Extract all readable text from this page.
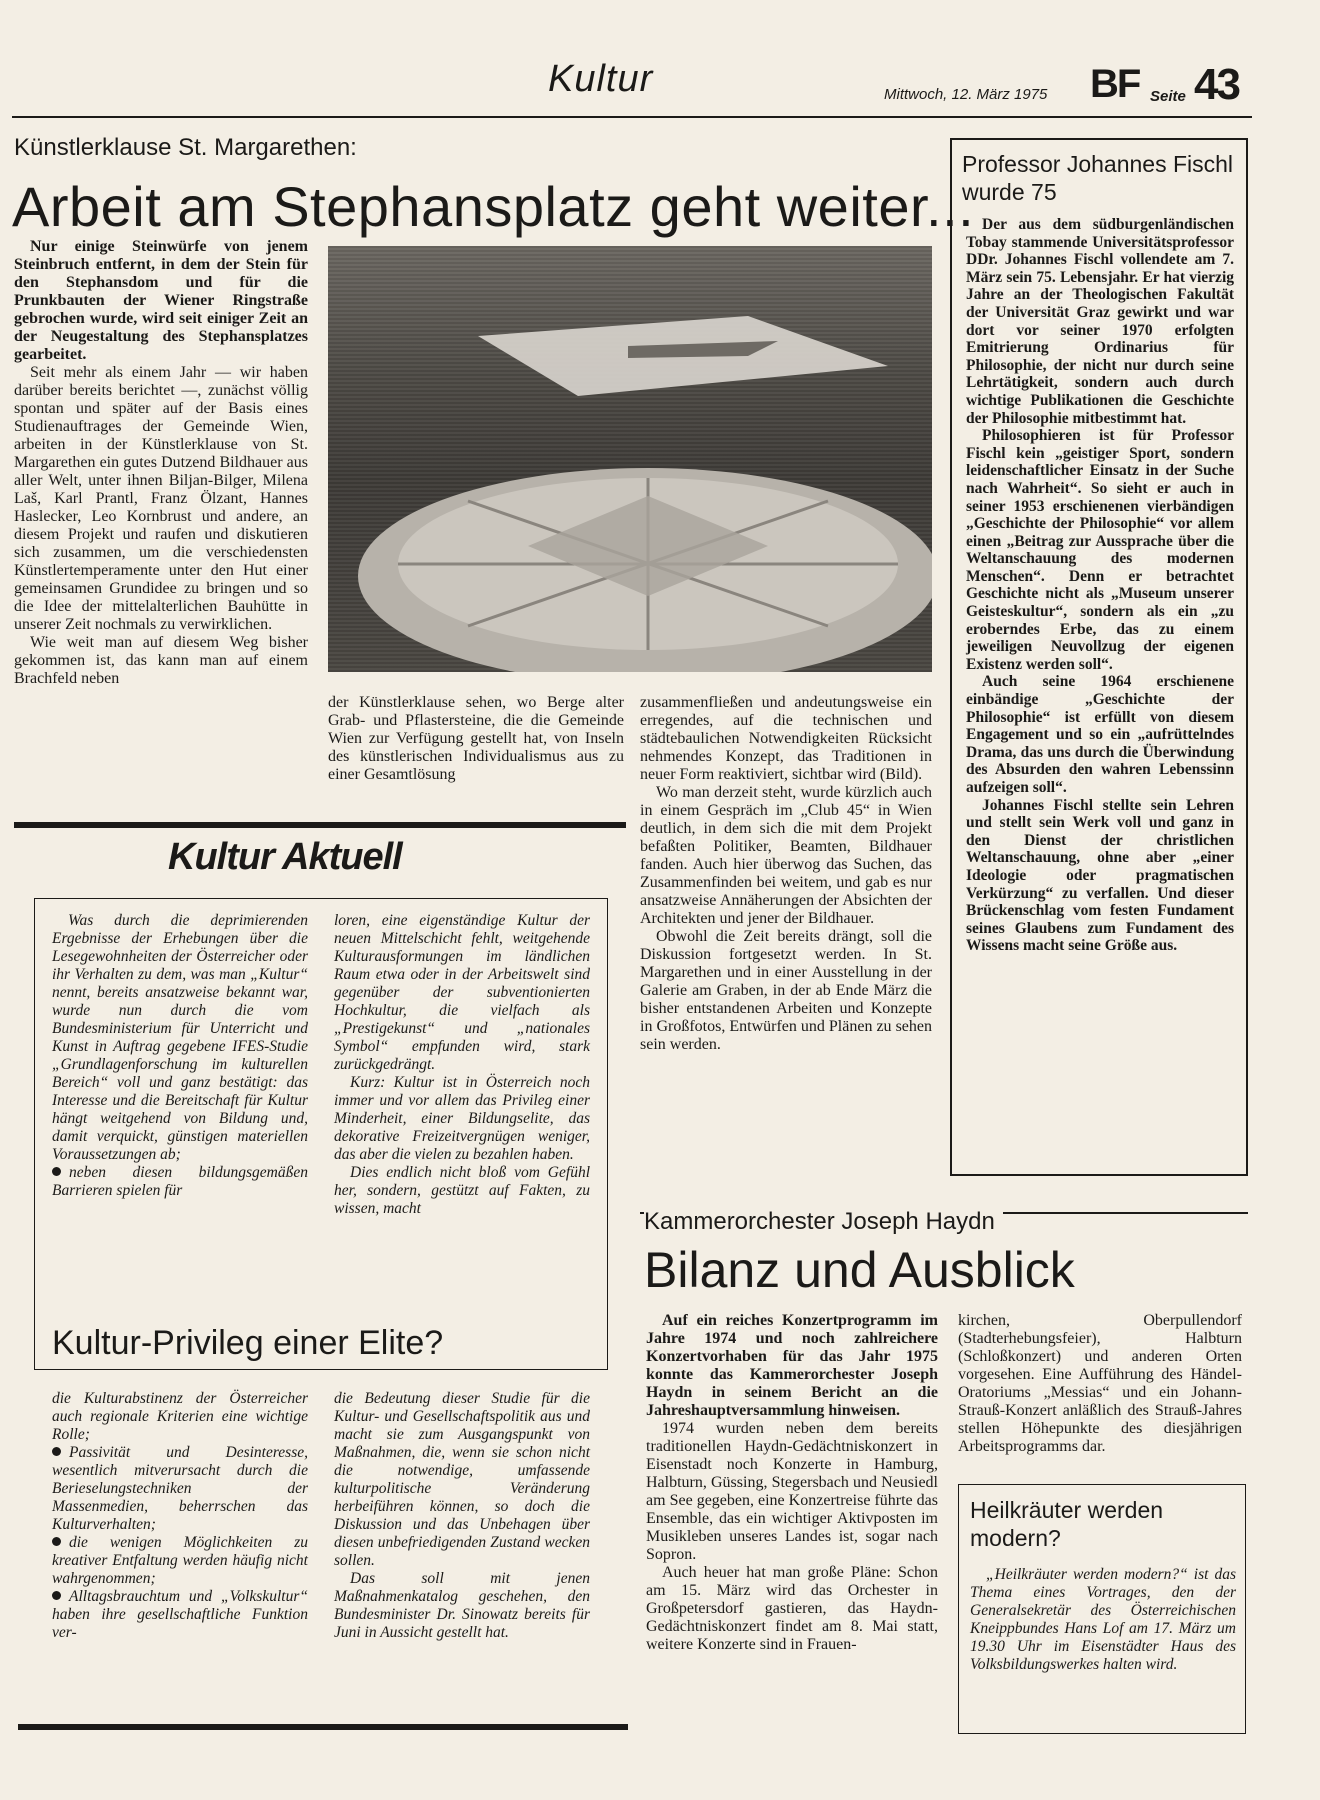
Kultur	Mittwoch, 12. März 1975 BF Seite 43
Künstlerklause St. Margarethen:
Arbeit am Stephansplatz geht weiter...

Nur einige Steinwürfe von jenem Steinbruch entfernt, in dem der Stein für den Stephansdom und für die Prunkbauten der Wiener Ringstraße gebrochen wurde, wird seit einiger Zeit an der Neugestaltung des Stephansplatzes gearbeitet.

Seit mehr als einem Jahr — wir haben darüber bereits berichtet —, zunächst völlig spontan und später auf der Basis eines Studienauftrages der Gemeinde Wien, arbeiten in der Künstlerklause von St. Margarethen ein gutes Dutzend Bildhauer aus aller Welt, unter ihnen Biljan-Bilger, Milena Laš, Karl Prantl, Franz Ölzant, Hannes Haslecker, Leo Kornbrust und andere, an diesem Projekt und raufen und diskutieren sich zusammen, um die verschiedensten Künstlertemperamente unter den Hut einer gemeinsamen Grundidee zu bringen und so die Idee der mittelalterlichen Bauhütte in unserer Zeit nochmals zu verwirklichen.

Wie weit man auf diesem Weg bisher gekommen ist, das kann man auf einem Brachfeld neben

der Künstlerklause sehen, wo Berge alter Grab- und Pflastersteine, die die Gemeinde Wien zur Verfügung gestellt hat, von Inseln des künstlerischen Individualismus aus zu einer Gesamtlösung

zusammenfließen und andeutungsweise ein erregendes, auf die technischen und städtebaulichen Notwendigkeiten Rücksicht nehmendes Konzept, das Traditionen in neuer Form reaktiviert, sichtbar wird (Bild).

Wo man derzeit steht, wurde kürzlich auch in einem Gespräch im „Club 45“ in Wien deutlich, in dem sich die mit dem Projekt befaßten Politiker, Beamten, Bildhauer fanden. Auch hier überwog das Suchen, das Zusammenfinden bei weitem, und gab es nur ansatzweise Annäherungen der Absichten der Architekten und jener der Bildhauer.

Obwohl die Zeit bereits drängt, soll die Diskussion fortgesetzt werden. In St. Margarethen und in einer Ausstellung in der Galerie am Graben, in der ab Ende März die bisher entstandenen Arbeiten und Konzepte in Großfotos, Entwürfen und Plänen zu sehen sein werden.

Professor Johannes Fischl wurde 75

Der aus dem südburgenländischen Tobay stammende Universitätsprofessor DDr. Johannes Fischl vollendete am 7. März sein 75. Lebensjahr. Er hat vierzig Jahre an der Theologischen Fakultät der Universität Graz gewirkt und war dort vor seiner 1970 erfolgten Emitrierung Ordinarius für Philosophie, der nicht nur durch seine Lehrtätigkeit, sondern auch durch wichtige Publikationen die Geschichte der Philosophie mitbestimmt hat.

Philosophieren ist für Professor Fischl kein „geistiger Sport, sondern leidenschaftlicher Einsatz in der Suche nach Wahrheit“. So sieht er auch in seiner 1953 erschienenen vierbändigen „Geschichte der Philosophie“ vor allem einen „Beitrag zur Aussprache über die Weltanschauung des modernen Menschen“. Denn er betrachtet Geschichte nicht als „Museum unserer Geisteskultur“, sondern als ein „zu eroberndes Erbe, das zu einem jeweiligen Neuvollzug der eigenen Existenz werden soll“.

Auch seine 1964 erschienene einbändige „Geschichte der Philosophie“ ist erfüllt von diesem Engagement und so ein „aufrüttelndes Drama, das uns durch die Überwindung des Absurden den wahren Lebenssinn aufzeigen soll“.

Johannes Fischl stellte sein Lehren und stellt sein Werk voll und ganz in den Dienst der christlichen Weltanschauung, ohne aber „einer Ideologie oder pragmatischen Verkürzung“ zu verfallen. Und dieser Brückenschlag vom festen Fundament seines Glaubens zum Fundament des Wissens macht seine Größe aus.

Kultur Aktuell

Was durch die deprimierenden Ergebnisse der Erhebungen über die Lesegewohnheiten der Österreicher oder ihr Verhalten zu dem, was man „Kultur“ nennt, bereits ansatzweise bekannt war, wurde nun durch die vom Bundesministerium für Unterricht und Kunst in Auftrag gegebene IFES-Studie „Grundlagenforschung im kulturellen Bereich“ voll und ganz bestätigt: das Interesse und die Bereitschaft für Kultur hängt weitgehend von Bildung und, damit verquickt, günstigen materiellen Voraussetzungen ab;

neben diesen bildungsgemäßen Barrieren spielen für

loren, eine eigenständige Kultur der neuen Mittelschicht fehlt, weitgehende Kulturausformungen im ländlichen Raum etwa oder in der Arbeitswelt sind gegenüber der subventionierten Hochkultur, die vielfach als „Prestigekunst“ und „nationales Symbol“ empfunden wird, stark zurückgedrängt.

Kurz: Kultur ist in Österreich noch immer und vor allem das Privileg einer Minderheit, einer Bildungselite, das dekorative Freizeitvergnügen weniger, das aber die vielen zu bezahlen haben.

Dies endlich nicht bloß vom Gefühl her, sondern, gestützt auf Fakten, zu wissen, macht

Kultur-Privileg einer Elite?

die Kulturabstinenz der Österreicher auch regionale Kriterien eine wichtige Rolle;

Passivität und Desinteresse, wesentlich mitverursacht durch die Berieselungstechniken der Massenmedien, beherrschen das Kulturverhalten;

die wenigen Möglichkeiten zu kreativer Entfaltung werden häufig nicht wahrgenommen;

Alltagsbrauchtum und „Volkskultur“ haben ihre gesellschaftliche Funktion ver-

die Bedeutung dieser Studie für die Kultur- und Gesellschaftspolitik aus und macht sie zum Ausgangspunkt von Maßnahmen, die, wenn sie schon nicht die notwendige, umfassende kulturpolitische Veränderung herbeiführen können, so doch die Diskussion und das Unbehagen über diesen unbefriedigenden Zustand wecken sollen.

Das soll mit jenen Maßnahmenkatalog geschehen, den Bundesminister Dr. Sinowatz bereits für Juni in Aussicht gestellt hat.

Kammerorchester Joseph Haydn
Bilanz und Ausblick

Auf ein reiches Konzertprogramm im Jahre 1974 und noch zahlreichere Konzertvorhaben für das Jahr 1975 konnte das Kammerorchester Joseph Haydn in seinem Bericht an die Jahreshauptversammlung hinweisen.

1974 wurden neben dem bereits traditionellen Haydn-Gedächtniskonzert in Eisenstadt noch Konzerte in Hamburg, Halbturn, Güssing, Stegersbach und Neusiedl am See gegeben, eine Konzertreise führte das Ensemble, das ein wichtiger Aktivposten im Musikleben unseres Landes ist, sogar nach Sopron.

Auch heuer hat man große Pläne: Schon am 15. März wird das Orchester in Großpetersdorf gastieren, das Haydn-Gedächtniskonzert findet am 8. Mai statt, weitere Konzerte sind in Frauen-

kirchen, Oberpullendorf (Stadterhebungsfeier), Halbturn (Schloßkonzert) und anderen Orten vorgesehen. Eine Aufführung des Händel-Oratoriums „Messias“ und ein Johann-Strauß-Konzert anläßlich des Strauß-Jahres stellen Höhepunkte des diesjährigen Arbeitsprogramms dar.

Heilkräuter werden modern?

„Heilkräuter werden modern?“ ist das Thema eines Vortrages, den der Generalsekretär des Österreichischen Kneippbundes Hans Lof am 17. März um 19.30 Uhr im Eisenstädter Haus des Volksbildungswerkes halten wird.
